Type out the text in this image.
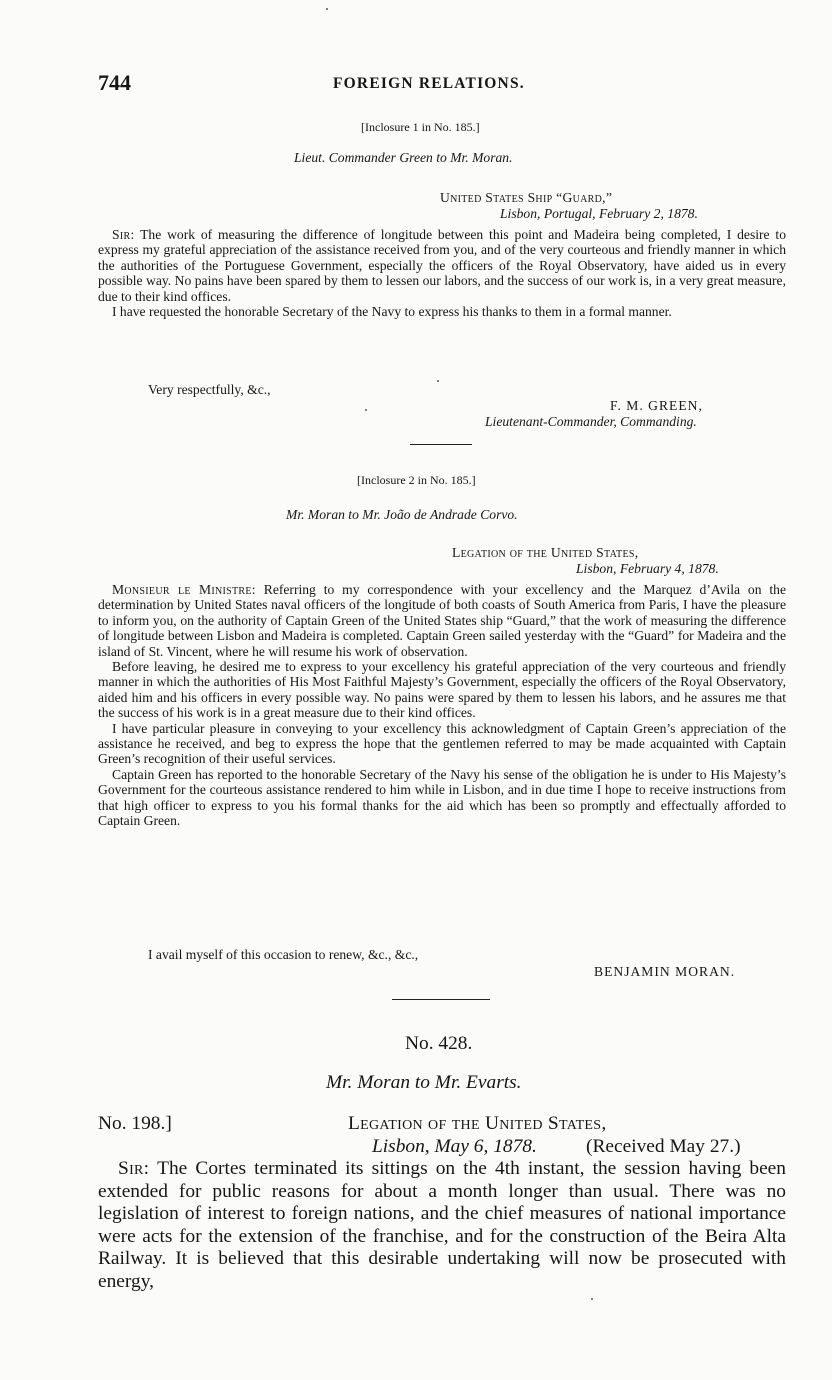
744	FOREIGN RELATIONS.
[Inclosure 1 in No. 185.]
Lieut. Commander Green to Mr. Moran.
United States Ship “Guard,”
Lisbon, Portugal, February 2, 1878.

Sir: The work of measuring the difference of longitude between this point and Madeira being completed, I desire to express my grateful appreciation of the assistance received from you, and of the very courteous and friendly manner in which the authorities of the Portuguese Government, especially the officers of the Royal Observatory, have aided us in every possible way. No pains have been spared by them to lessen our labors, and the success of our work is, in a very great measure, due to their kind offices.

I have requested the honorable Secretary of the Navy to express his thanks to them in a formal manner.

Very respectfully, &c.,
F. M. GREEN,
Lieutenant-Commander, Commanding.
[Inclosure 2 in No. 185.]
Mr. Moran to Mr. João de Andrade Corvo.
Legation of the United States,
Lisbon, February 4, 1878.

Monsieur le Ministre: Referring to my correspondence with your excellency and the Marquez d’Avila on the determination by United States naval officers of the longitude of both coasts of South America from Paris, I have the pleasure to inform you, on the authority of Captain Green of the United States ship “Guard,” that the work of measuring the difference of longitude between Lisbon and Madeira is completed. Captain Green sailed yesterday with the “Guard” for Madeira and the island of St. Vincent, where he will resume his work of observation.

Before leaving, he desired me to express to your excellency his grateful appreciation of the very courteous and friendly manner in which the authorities of His Most Faithful Majesty’s Government, especially the officers of the Royal Observatory, aided him and his officers in every possible way. No pains were spared by them to lessen his labors, and he assures me that the success of his work is in a great measure due to their kind offices.

I have particular pleasure in conveying to your excellency this acknowledgment of Captain Green’s appreciation of the assistance he received, and beg to express the hope that the gentlemen referred to may be made acquainted with Captain Green’s recognition of their useful services.

Captain Green has reported to the honorable Secretary of the Navy his sense of the obligation he is under to His Majesty’s Government for the courteous assistance rendered to him while in Lisbon, and in due time I hope to receive instructions from that high officer to express to you his formal thanks for the aid which has been so promptly and effectually afforded to Captain Green.

I avail myself of this occasion to renew, &c., &c.,
BENJAMIN MORAN.
No. 428.
Mr. Moran to Mr. Evarts.
No. 198.]	Legation of the United States,
Lisbon, May 6, 1878.	(Received May 27.)

Sir: The Cortes terminated its sittings on the 4th instant, the session having been extended for public reasons for about a month longer than usual. There was no legislation of interest to foreign nations, and the chief measures of national importance were acts for the extension of the franchise, and for the construction of the Beira Alta Railway. It is believed that this desirable undertaking will now be prosecuted with energy,
